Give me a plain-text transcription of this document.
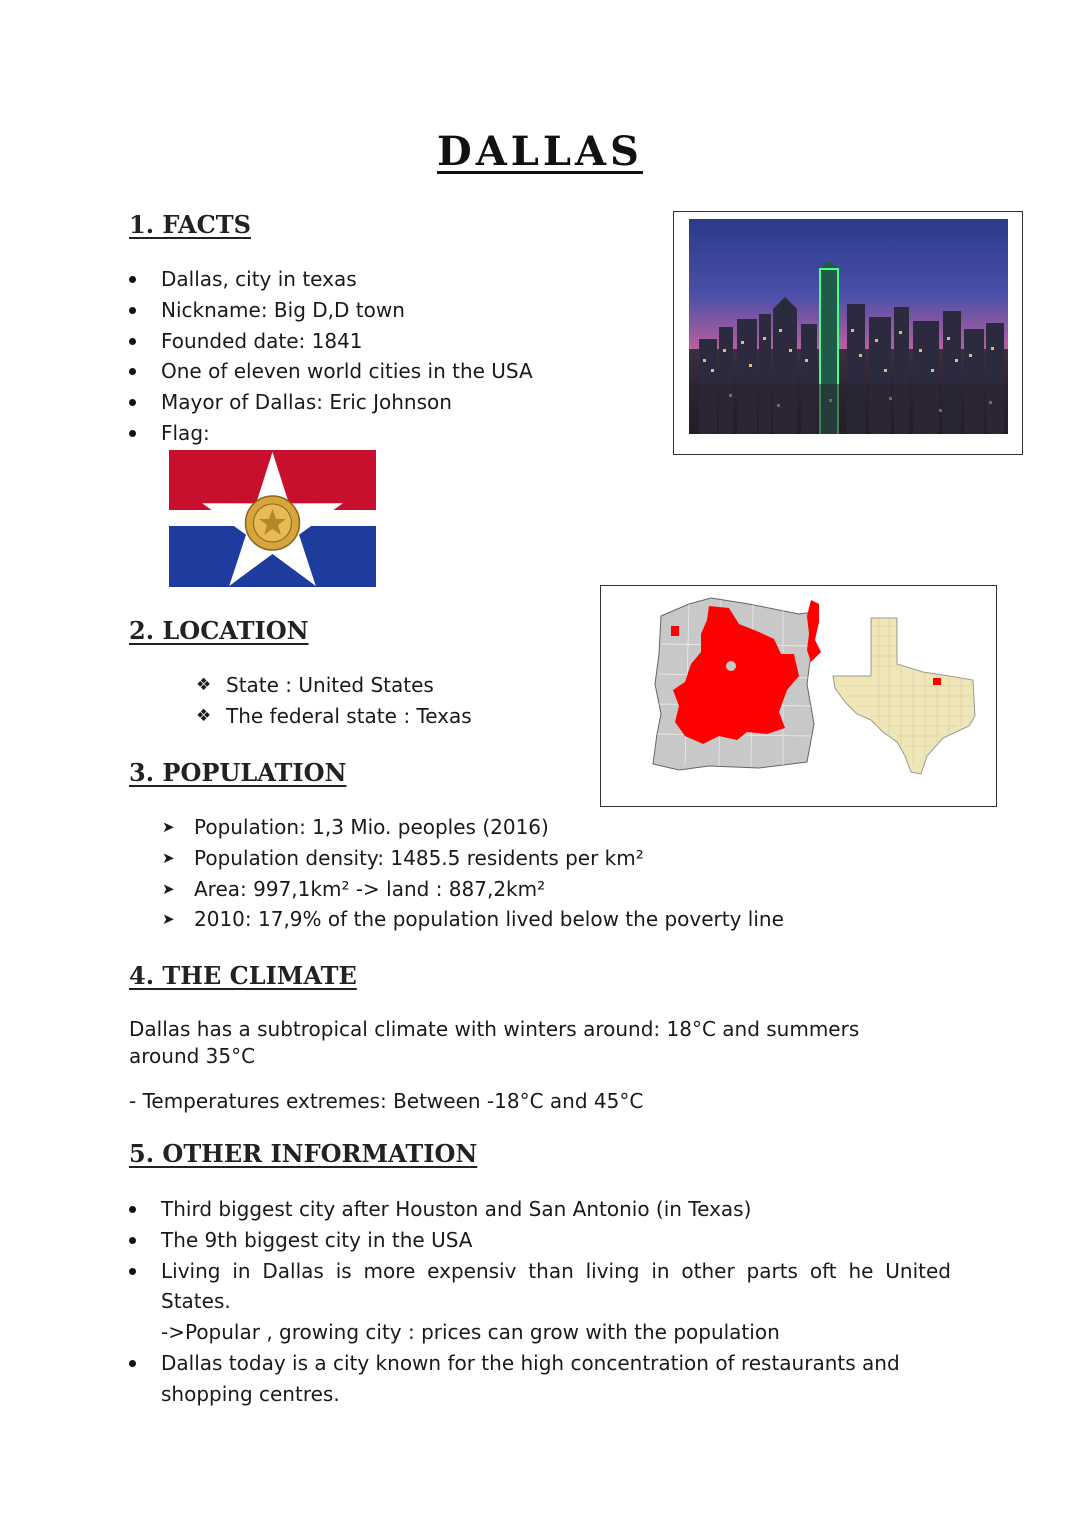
DALLAS
1. FACTS
Dallas, city in texas
Nickname: Big D,D town
Founded date: 1841
One of eleven world cities in the USA
Mayor of Dallas: Eric Johnson
Flag:
2. LOCATION
❖ State : United States
❖ The federal state : Texas
3. POPULATION
➤ Population: 1,3 Mio. peoples (2016)
➤ Population density: 1485.5 residents per km²
➤ Area: 997,1km² -> land : 887,2km²
➤ 2010: 17,9% of the population lived below the poverty line
4. THE CLIMATE

Dallas has a subtropical climate with winters around: 18°C and summers around 35°C

- Temperatures extremes: Between -18°C and 45°C

5. OTHER INFORMATION
Third biggest city after Houston and San Antonio (in Texas)
The 9th biggest city in the USA
Living in Dallas is more expensiv than living in other parts oft he United
States.
->Popular , growing city : prices can grow with the population
Dallas today is a city known for the high concentration of restaurants and shopping centres.
